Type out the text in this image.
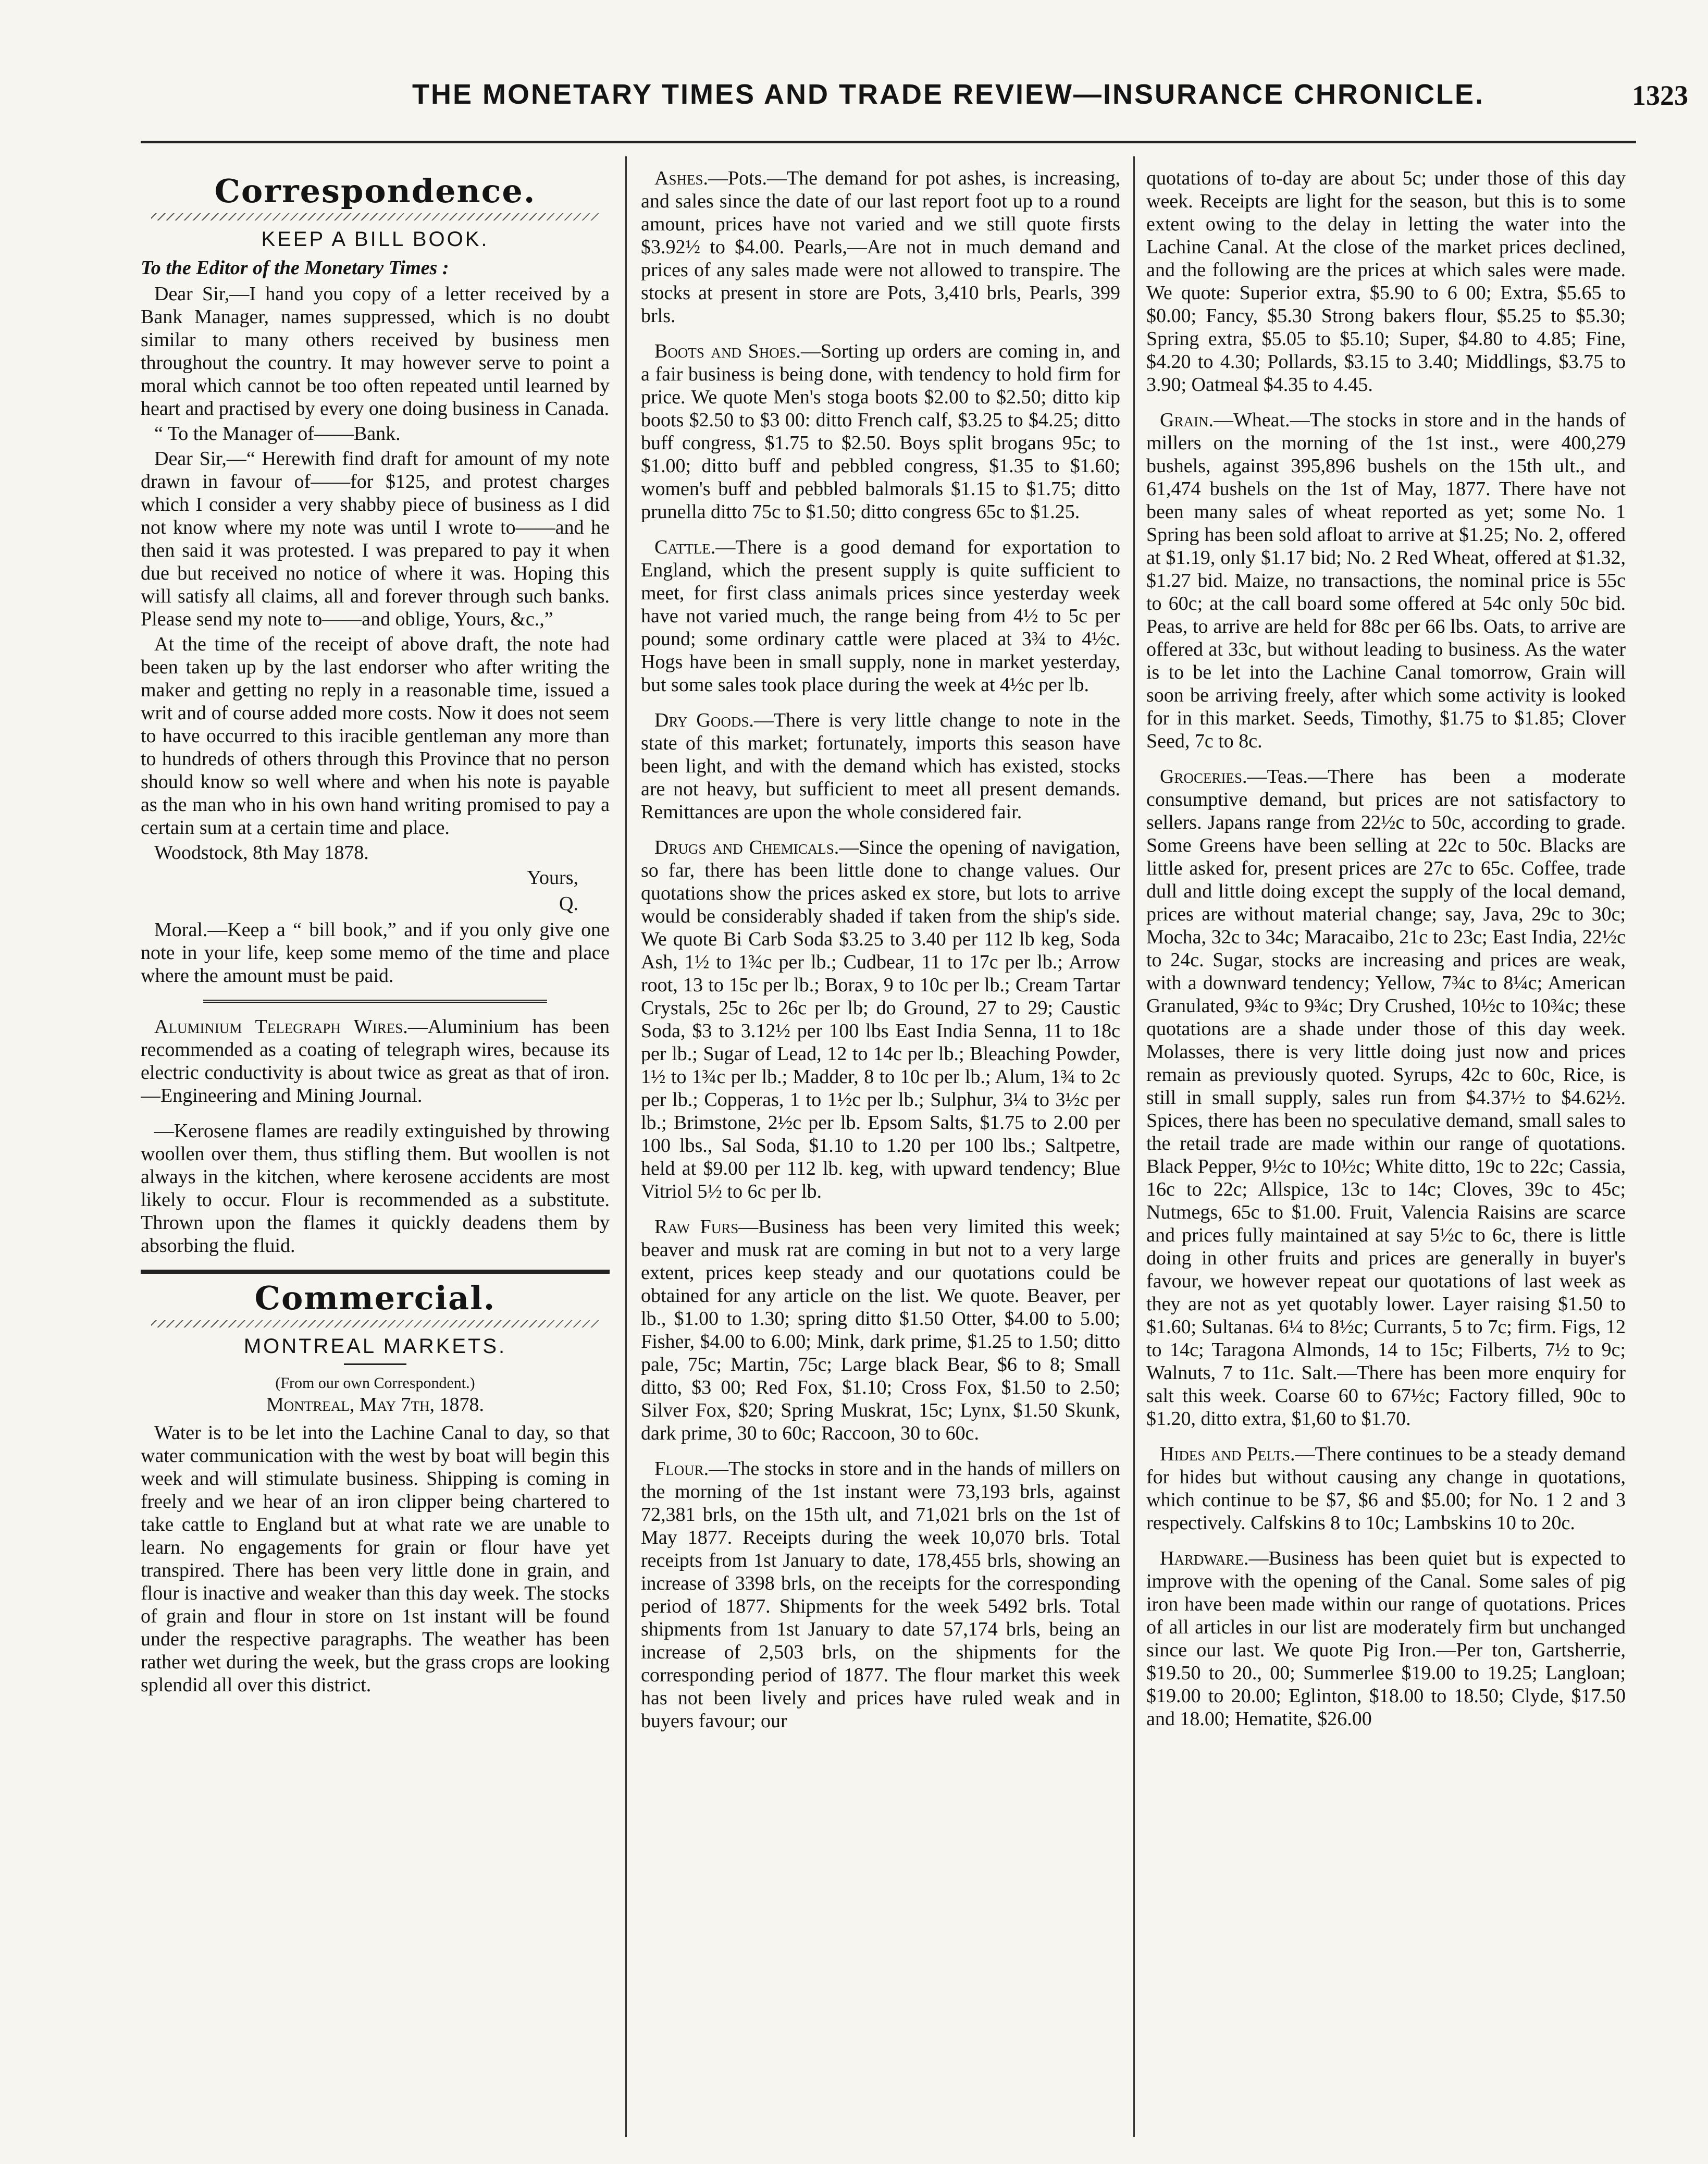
THE MONETARY TIMES AND TRADE REVIEW—INSURANCE CHRONICLE.	1323
Correspondence.
KEEP A BILL BOOK.
To the Editor of the Monetary Times :

Dear Sir,—I hand you copy of a letter received by a Bank Manager, names suppressed, which is no doubt similar to many others received by business men throughout the country. It may however serve to point a moral which cannot be too often repeated until learned by heart and practised by every one doing business in Canada.

“ To the Manager of——Bank.

Dear Sir,—“ Herewith find draft for amount of my note drawn in favour of——for $125, and protest charges which I consider a very shabby piece of business as I did not know where my note was until I wrote to——and he then said it was protested. I was prepared to pay it when due but received no notice of where it was. Hoping this will satisfy all claims, all and forever through such banks. Please send my note to——and oblige, Yours, &c.,”

At the time of the receipt of above draft, the note had been taken up by the last endorser who after writing the maker and getting no reply in a reasonable time, issued a writ and of course added more costs. Now it does not seem to have occurred to this iracible gentleman any more than to hundreds of others through this Province that no person should know so well where and when his note is payable as the man who in his own hand writing promised to pay a certain sum at a certain time and place.

Woodstock, 8th May 1878.

Yours,
Q.

Moral.—Keep a “ bill book,” and if you only give one note in your life, keep some memo of the time and place where the amount must be paid.

Aluminium Telegraph Wires.—Aluminium has been recommended as a coating of telegraph wires, because its electric conductivity is about twice as great as that of iron.—Engineering and Mining Journal.

—Kerosene flames are readily extinguished by throwing woollen over them, thus stifling them. But woollen is not always in the kitchen, where kerosene accidents are most likely to occur. Flour is recommended as a substitute. Thrown upon the flames it quickly deadens them by absorbing the fluid.

Commercial.
MONTREAL MARKETS.
(From our own Correspondent.)
Montreal, May 7th, 1878.

Water is to be let into the Lachine Canal to day, so that water communication with the west by boat will begin this week and will stimulate business. Shipping is coming in freely and we hear of an iron clipper being chartered to take cattle to England but at what rate we are unable to learn. No engagements for grain or flour have yet transpired. There has been very little done in grain, and flour is inactive and weaker than this day week. The stocks of grain and flour in store on 1st instant will be found under the respective paragraphs. The weather has been rather wet during the week, but the grass crops are looking splendid all over this district.

Ashes.—Pots.—The demand for pot ashes, is increasing, and sales since the date of our last report foot up to a round amount, prices have not varied and we still quote firsts $3.92½ to $4.00. Pearls,—Are not in much demand and prices of any sales made were not allowed to transpire. The stocks at present in store are Pots, 3,410 brls, Pearls, 399 brls.

Boots and Shoes.—Sorting up orders are coming in, and a fair business is being done, with tendency to hold firm for price. We quote Men's stoga boots $2.00 to $2.50; ditto kip boots $2.50 to $3 00: ditto French calf, $3.25 to $4.25; ditto buff congress, $1.75 to $2.50. Boys split brogans 95c; to $1.00; ditto buff and pebbled congress, $1.35 to $1.60; women's buff and pebbled balmorals $1.15 to $1.75; ditto prunella ditto 75c to $1.50; ditto congress 65c to $1.25.

Cattle.—There is a good demand for exportation to England, which the present supply is quite sufficient to meet, for first class animals prices since yesterday week have not varied much, the range being from 4½ to 5c per pound; some ordinary cattle were placed at 3¾ to 4½c. Hogs have been in small supply, none in market yesterday, but some sales took place during the week at 4½c per lb.

Dry Goods.—There is very little change to note in the state of this market; fortunately, imports this season have been light, and with the demand which has existed, stocks are not heavy, but sufficient to meet all present demands. Remittances are upon the whole considered fair.

Drugs and Chemicals.—Since the opening of navigation, so far, there has been little done to change values. Our quotations show the prices asked ex store, but lots to arrive would be considerably shaded if taken from the ship's side. We quote Bi Carb Soda $3.25 to 3.40 per 112 lb keg, Soda Ash, 1½ to 1¾c per lb.; Cudbear, 11 to 17c per lb.; Arrow root, 13 to 15c per lb.; Borax, 9 to 10c per lb.; Cream Tartar Crystals, 25c to 26c per lb; do Ground, 27 to 29; Caustic Soda, $3 to 3.12½ per 100 lbs East India Senna, 11 to 18c per lb.; Sugar of Lead, 12 to 14c per lb.; Bleaching Powder, 1½ to 1¾c per lb.; Madder, 8 to 10c per lb.; Alum, 1¾ to 2c per lb.; Copperas, 1 to 1½c per lb.; Sulphur, 3¼ to 3½c per lb.; Brimstone, 2½c per lb. Epsom Salts, $1.75 to 2.00 per 100 lbs., Sal Soda, $1.10 to 1.20 per 100 lbs.; Saltpetre, held at $9.00 per 112 lb. keg, with upward tendency; Blue Vitriol 5½ to 6c per lb.

Raw Furs—Business has been very limited this week; beaver and musk rat are coming in but not to a very large extent, prices keep steady and our quotations could be obtained for any article on the list. We quote. Beaver, per lb., $1.00 to 1.30; spring ditto $1.50 Otter, $4.00 to 5.00; Fisher, $4.00 to 6.00; Mink, dark prime, $1.25 to 1.50; ditto pale, 75c; Martin, 75c; Large black Bear, $6 to 8; Small ditto, $3 00; Red Fox, $1.10; Cross Fox, $1.50 to 2.50; Silver Fox, $20; Spring Muskrat, 15c; Lynx, $1.50 Skunk, dark prime, 30 to 60c; Raccoon, 30 to 60c.

Flour.—The stocks in store and in the hands of millers on the morning of the 1st instant were 73,193 brls, against 72,381 brls, on the 15th ult, and 71,021 brls on the 1st of May 1877. Receipts during the week 10,070 brls. Total receipts from 1st January to date, 178,455 brls, showing an increase of 3398 brls, on the receipts for the corresponding period of 1877. Shipments for the week 5492 brls. Total shipments from 1st January to date 57,174 brls, being an increase of 2,503 brls, on the shipments for the corresponding period of 1877. The flour market this week has not been lively and prices have ruled weak and in buyers favour; our

quotations of to-day are about 5c; under those of this day week. Receipts are light for the season, but this is to some extent owing to the delay in letting the water into the Lachine Canal. At the close of the market prices declined, and the following are the prices at which sales were made. We quote: Superior extra, $5.90 to 6 00; Extra, $5.65 to $0.00; Fancy, $5.30 Strong bakers flour, $5.25 to $5.30; Spring extra, $5.05 to $5.10; Super, $4.80 to 4.85; Fine, $4.20 to 4.30; Pollards, $3.15 to 3.40; Middlings, $3.75 to 3.90; Oatmeal $4.35 to 4.45.

Grain.—Wheat.—The stocks in store and in the hands of millers on the morning of the 1st inst., were 400,279 bushels, against 395,896 bushels on the 15th ult., and 61,474 bushels on the 1st of May, 1877. There have not been many sales of wheat reported as yet; some No. 1 Spring has been sold afloat to arrive at $1.25; No. 2, offered at $1.19, only $1.17 bid; No. 2 Red Wheat, offered at $1.32, $1.27 bid. Maize, no transactions, the nominal price is 55c to 60c; at the call board some offered at 54c only 50c bid. Peas, to arrive are held for 88c per 66 lbs. Oats, to arrive are offered at 33c, but without leading to business. As the water is to be let into the Lachine Canal tomorrow, Grain will soon be arriving freely, after which some activity is looked for in this market. Seeds, Timothy, $1.75 to $1.85; Clover Seed, 7c to 8c.

Groceries.—Teas.—There has been a moderate consumptive demand, but prices are not satisfactory to sellers. Japans range from 22½c to 50c, according to grade. Some Greens have been selling at 22c to 50c. Blacks are little asked for, present prices are 27c to 65c. Coffee, trade dull and little doing except the supply of the local demand, prices are without material change; say, Java, 29c to 30c; Mocha, 32c to 34c; Maracaibo, 21c to 23c; East India, 22½c to 24c. Sugar, stocks are increasing and prices are weak, with a downward tendency; Yellow, 7¾c to 8¼c; American Granulated, 9¾c to 9¾c; Dry Crushed, 10½c to 10¾c; these quotations are a shade under those of this day week. Molasses, there is very little doing just now and prices remain as previously quoted. Syrups, 42c to 60c, Rice, is still in small supply, sales run from $4.37½ to $4.62½. Spices, there has been no speculative demand, small sales to the retail trade are made within our range of quotations. Black Pepper, 9½c to 10½c; White ditto, 19c to 22c; Cassia, 16c to 22c; Allspice, 13c to 14c; Cloves, 39c to 45c; Nutmegs, 65c to $1.00. Fruit, Valencia Raisins are scarce and prices fully maintained at say 5½c to 6c, there is little doing in other fruits and prices are generally in buyer's favour, we however repeat our quotations of last week as they are not as yet quotably lower. Layer raising $1.50 to $1.60; Sultanas. 6¼ to 8½c; Currants, 5 to 7c; firm. Figs, 12 to 14c; Taragona Almonds, 14 to 15c; Filberts, 7½ to 9c; Walnuts, 7 to 11c. Salt.—There has been more enquiry for salt this week. Coarse 60 to 67½c; Factory filled, 90c to $1.20, ditto extra, $1,60 to $1.70.

Hides and Pelts.—There continues to be a steady demand for hides but without causing any change in quotations, which continue to be $7, $6 and $5.00; for No. 1 2 and 3 respectively. Calfskins 8 to 10c; Lambskins 10 to 20c.

Hardware.—Business has been quiet but is expected to improve with the opening of the Canal. Some sales of pig iron have been made within our range of quotations. Prices of all articles in our list are moderately firm but unchanged since our last. We quote Pig Iron.—Per ton, Gartsherrie, $19.50 to 20., 00; Summerlee $19.00 to 19.25; Langloan; $19.00 to 20.00; Eglinton, $18.00 to 18.50; Clyde, $17.50 and 18.00; Hematite, $26.00
